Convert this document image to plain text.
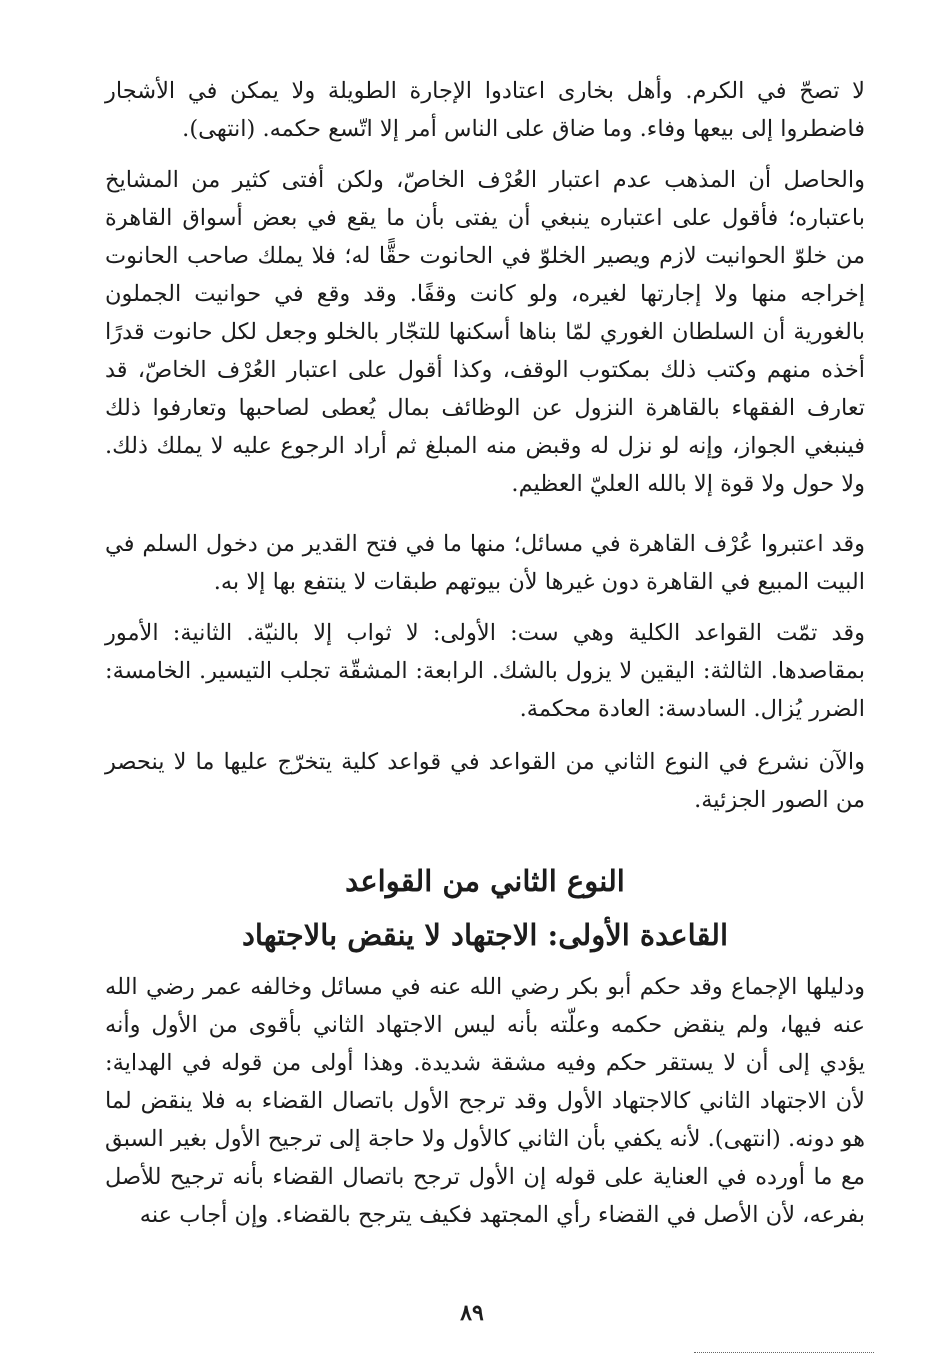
لا تصحّ في الكرم. وأهل بخارى اعتادوا الإجارة الطويلة ولا يمكن في الأشجار فاضطروا إلى بيعها وفاء. وما ضاق على الناس أمر إلا اتّسع حكمه. (انتهى).

والحاصل أن المذهب عدم اعتبار العُرْف الخاصّ، ولكن أفتى كثير من المشايخ باعتباره؛ فأقول على اعتباره ينبغي أن يفتى بأن ما يقع في بعض أسواق القاهرة من خلوّ الحوانيت لازم ويصير الخلوّ في الحانوت حقًّا له؛ فلا يملك صاحب الحانوت إخراجه منها ولا إجارتها لغيره، ولو كانت وقفًا. وقد وقع في حوانيت الجملون بالغورية أن السلطان الغوري لمّا بناها أسكنها للتجّار بالخلو وجعل لكل حانوت قدرًا أخذه منهم وكتب ذلك بمكتوب الوقف، وكذا أقول على اعتبار العُرْف الخاصّ، قد تعارف الفقهاء بالقاهرة النزول عن الوظائف بمال يُعطى لصاحبها وتعارفوا ذلك فينبغي الجواز، وإنه لو نزل له وقبض منه المبلغ ثم أراد الرجوع عليه لا يملك ذلك. ولا حول ولا قوة إلا بالله العليّ العظيم.

وقد اعتبروا عُرْف القاهرة في مسائل؛ منها ما في فتح القدير من دخول السلم في البيت المبيع في القاهرة دون غيرها لأن بيوتهم طبقات لا ينتفع بها إلا به.

وقد تمّت القواعد الكلية وهي ست: الأولى: لا ثواب إلا بالنيّة. الثانية: الأمور بمقاصدها. الثالثة: اليقين لا يزول بالشك. الرابعة: المشقّة تجلب التيسير. الخامسة: الضرر يُزال. السادسة: العادة محكمة.

والآن نشرع في النوع الثاني من القواعد في قواعد كلية يتخرّج عليها ما لا ينحصر من الصور الجزئية.

النوع الثاني من القواعد
القاعدة الأولى: الاجتهاد لا ينقض بالاجتهاد

ودليلها الإجماع وقد حكم أبو بكر رضي الله عنه في مسائل وخالفه عمر رضي الله عنه فيها، ولم ينقض حكمه وعلّته بأنه ليس الاجتهاد الثاني بأقوى من الأول وأنه يؤدي إلى أن لا يستقر حكم وفيه مشقة شديدة. وهذا أولى من قوله في الهداية: لأن الاجتهاد الثاني كالاجتهاد الأول وقد ترجح الأول باتصال القضاء به فلا ينقض لما هو دونه. (انتهى). لأنه يكفي بأن الثاني كالأول ولا حاجة إلى ترجيح الأول بغير السبق مع ما أورده في العناية على قوله إن الأول ترجح باتصال القضاء بأنه ترجيح للأصل بفرعه، لأن الأصل في القضاء رأي المجتهد فكيف يترجح بالقضاء. وإن أجاب عنه

٨٩
